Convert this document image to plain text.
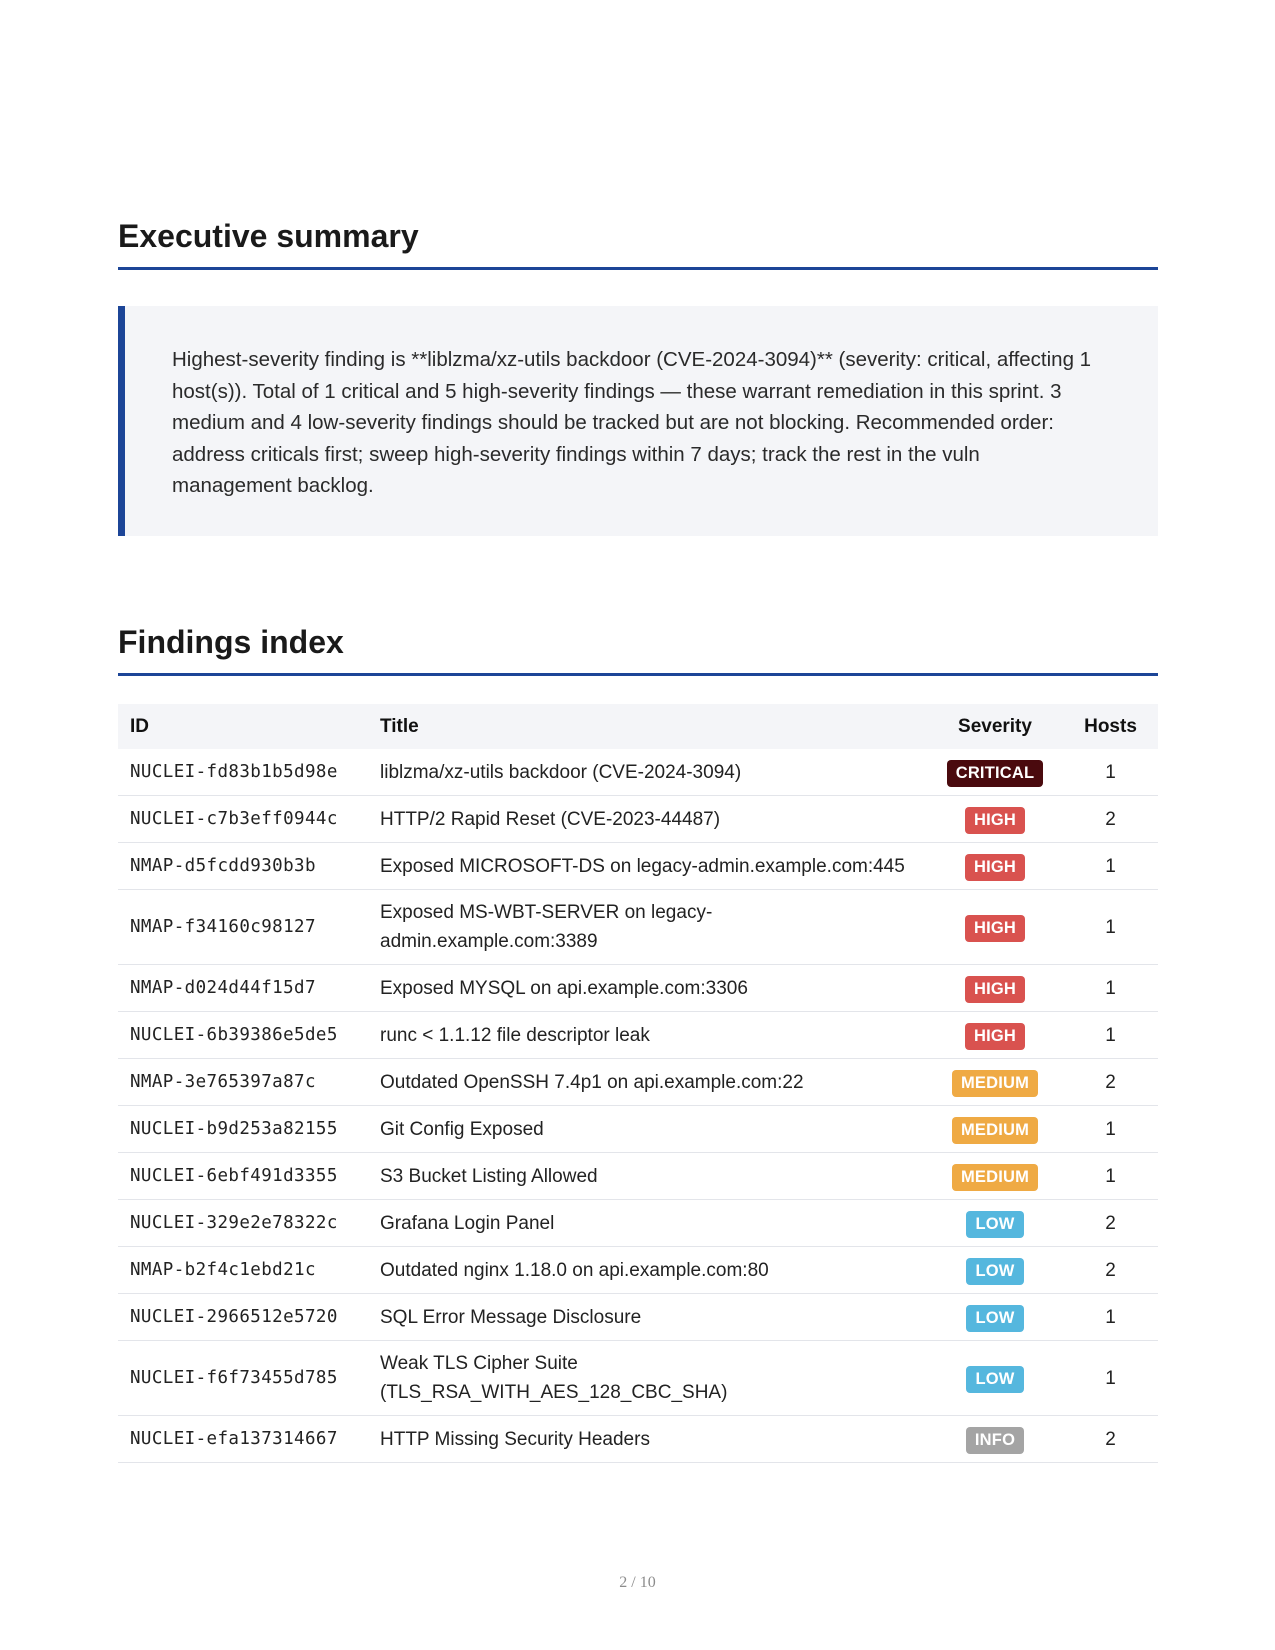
Executive summary
Highest-severity finding is **liblzma/xz-utils backdoor (CVE-2024-3094)** (severity: critical, affecting 1 host(s)). Total of 1 critical and 5 high-severity findings — these warrant remediation in this sprint. 3 medium and 4 low-severity findings should be tracked but are not blocking. Recommended order: address criticals first; sweep high-severity findings within 7 days; track the rest in the vuln management backlog.
Findings index
ID	Title	Severity	Hosts
NUCLEI-fd83b1b5d98e	liblzma/xz-utils backdoor (CVE-2024-3094)	CRITICAL	1
NUCLEI-c7b3eff0944c	HTTP/2 Rapid Reset (CVE-2023-44487)	HIGH	2
NMAP-d5fcdd930b3b	Exposed MICROSOFT-DS on legacy-admin.example.com:445	HIGH	1
NMAP-f34160c98127	Exposed MS-WBT-SERVER on legacy-admin.example.com:3389	HIGH	1
NMAP-d024d44f15d7	Exposed MYSQL on api.example.com:3306	HIGH	1
NUCLEI-6b39386e5de5	runc < 1.1.12 file descriptor leak	HIGH	1
NMAP-3e765397a87c	Outdated OpenSSH 7.4p1 on api.example.com:22	MEDIUM	2
NUCLEI-b9d253a82155	Git Config Exposed	MEDIUM	1
NUCLEI-6ebf491d3355	S3 Bucket Listing Allowed	MEDIUM	1
NUCLEI-329e2e78322c	Grafana Login Panel	LOW	2
NMAP-b2f4c1ebd21c	Outdated nginx 1.18.0 on api.example.com:80	LOW	2
NUCLEI-2966512e5720	SQL Error Message Disclosure	LOW	1
NUCLEI-f6f73455d785	Weak TLS Cipher Suite (TLS_RSA_WITH_AES_128_CBC_SHA)	LOW	1
NUCLEI-efa137314667	HTTP Missing Security Headers	INFO	2
2 / 10
